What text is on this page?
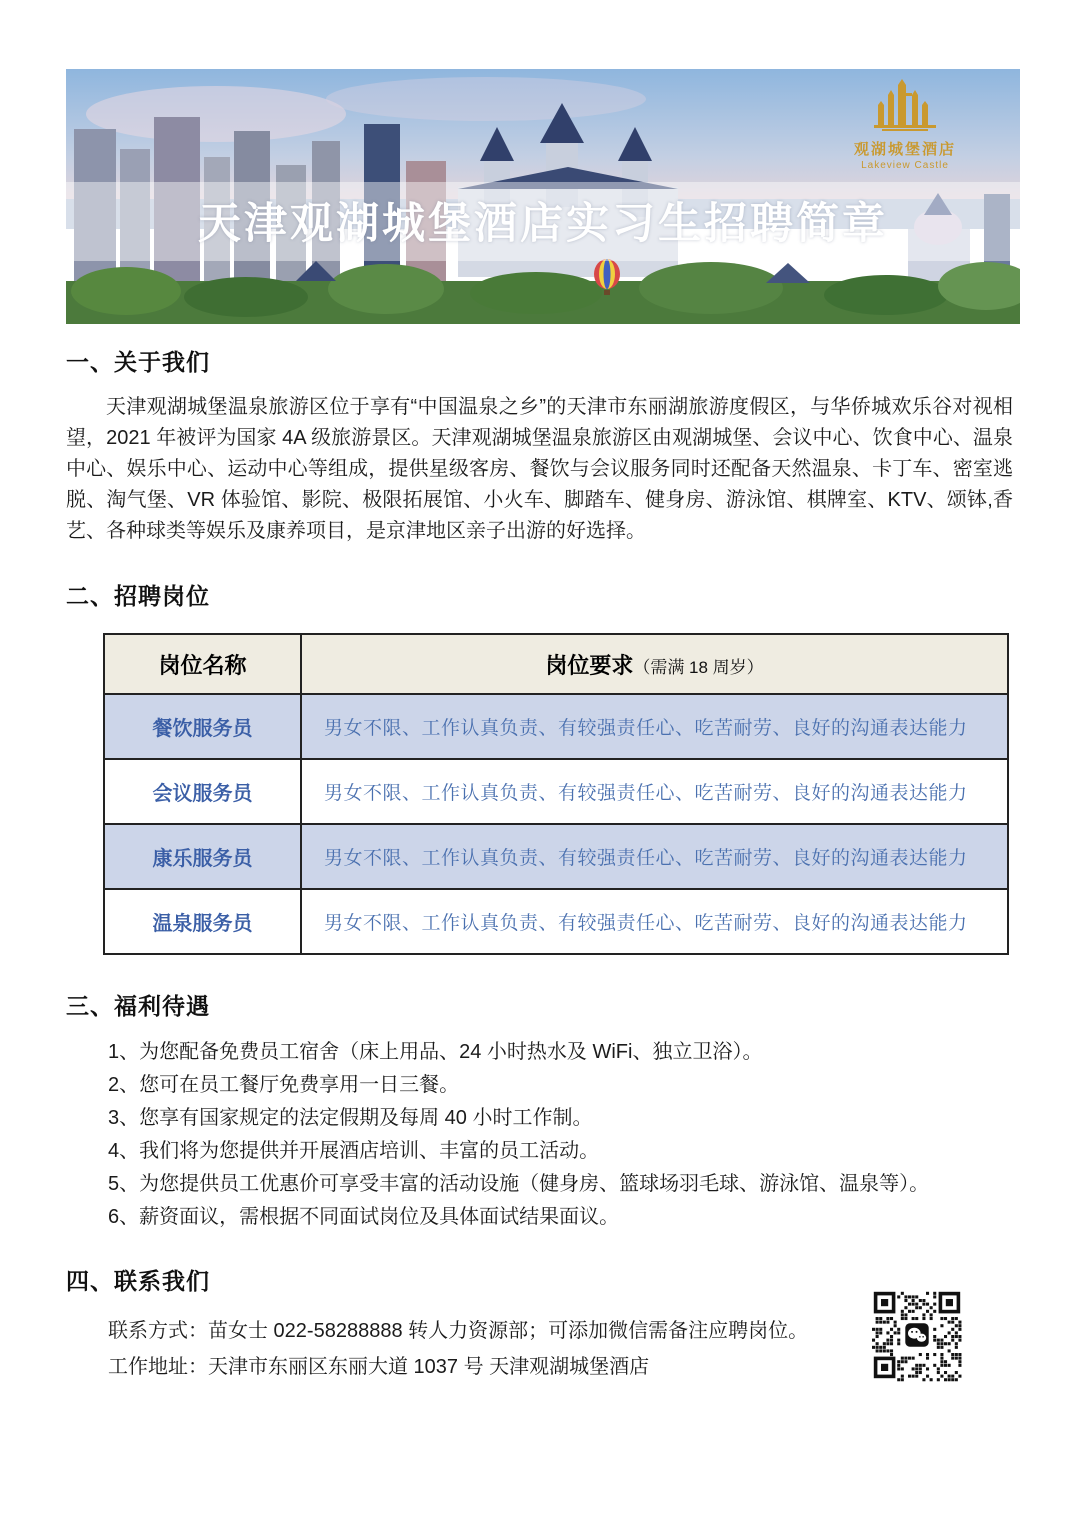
天津观湖城堡酒店实习生招聘简章
观湖城堡酒店
Lakeview Castle
一、关于我们

天津观湖城堡温泉旅游区位于享有“中国温泉之乡”的天津市东丽湖旅游度假区，与华侨城欢乐谷对视相望，2021 年被评为国家 4A 级旅游景区。天津观湖城堡温泉旅游区由观湖城堡、会议中心、饮食中心、温泉中心、娱乐中心、运动中心等组成，提供星级客房、餐饮与会议服务同时还配备天然温泉、卡丁车、密室逃脱、淘气堡、VR 体验馆、影院、极限拓展馆、小火车、脚踏车、健身房、游泳馆、棋牌室、KTV、颂钵,香艺、各种球类等娱乐及康养项目，是京津地区亲子出游的好选择。

二、招聘岗位
岗位名称	岗位要求（需满 18 周岁）
餐饮服务员	男女不限、工作认真负责、有较强责任心、吃苦耐劳、良好的沟通表达能力
会议服务员	男女不限、工作认真负责、有较强责任心、吃苦耐劳、良好的沟通表达能力
康乐服务员	男女不限、工作认真负责、有较强责任心、吃苦耐劳、良好的沟通表达能力
温泉服务员	男女不限、工作认真负责、有较强责任心、吃苦耐劳、良好的沟通表达能力
三、福利待遇
1、为您配备免费员工宿舍（床上用品、24 小时热水及 WiFi、独立卫浴）。
2、您可在员工餐厅免费享用一日三餐。
3、您享有国家规定的法定假期及每周 40 小时工作制。
4、我们将为您提供并开展酒店培训、丰富的员工活动。
5、为您提供员工优惠价可享受丰富的活动设施（健身房、篮球场羽毛球、游泳馆、温泉等）。
6、薪资面议，需根据不同面试岗位及具体面试结果面议。
四、联系我们
联系方式：苗女士 022-58288888 转人力资源部；可添加微信需备注应聘岗位。
工作地址：天津市东丽区东丽大道 1037 号 天津观湖城堡酒店
